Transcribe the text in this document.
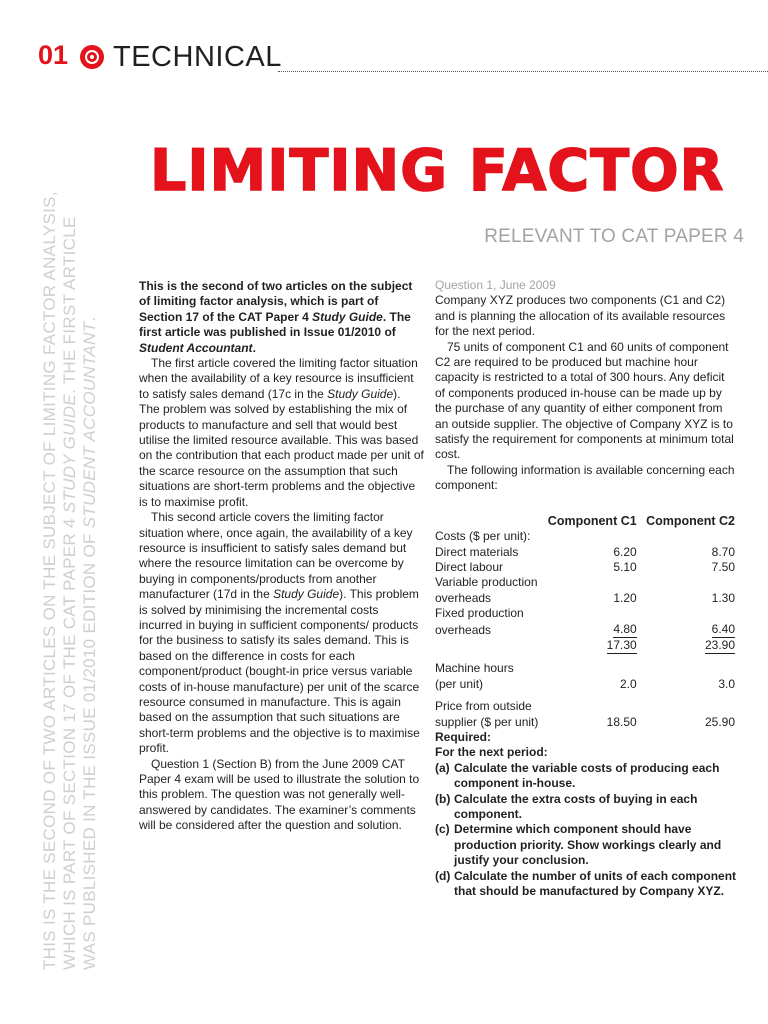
01 TECHNICAL
THIS IS THE SECOND OF TWO ARTICLES ON THE SUBJECT OF LIMITING FACTOR ANALYSIS, WHICH IS PART OF SECTION 17 OF THE CAT PAPER 4 STUDY GUIDE. THE FIRST ARTICLE
WAS PUBLISHED IN THE ISSUE 01/2010 EDITION OF STUDENT ACCOUNTANT.
LIMITING FACTOR
RELEVANT TO CAT PAPER 4

This is the second of two articles on the subject of limiting factor analysis, which is part of Section 17 of the CAT Paper 4 Study Guide. The first article was published in Issue 01/2010 of Student Accountant.

The first article covered the limiting factor situation when the availability of a key resource is insufficient to satisfy sales demand (17c in the Study Guide). The problem was solved by establishing the mix of products to manufacture and sell that would best utilise the limited resource available. This was based on the contribution that each product made per unit of the scarce resource on the assumption that such situations are short-term problems and the objective is to maximise profit.

This second article covers the limiting factor situation where, once again, the availability of a key resource is insufficient to satisfy sales demand but where the resource limitation can be overcome by buying in components/products from another manufacturer (17d in the Study Guide). This problem is solved by minimising the incremental costs incurred in buying in sufficient components/ products for the business to satisfy its sales demand. This is based on the difference in costs for each component/product (bought-in price versus variable costs of in-house manufacture) per unit of the scarce resource consumed in manufacture. This is again based on the assumption that such situations are short-term problems and the objective is to maximise profit.

Question 1 (Section B) from the June 2009 CAT Paper 4 exam will be used to illustrate the solution to this problem. The question was not generally well-answered by candidates. The examiner’s comments will be considered after the question and solution.

Question 1, June 2009

Company XYZ produces two components (C1 and C2) and is planning the allocation of its available resources for the next period.

75 units of component C1 and 60 units of component C2 are required to be produced but machine hour capacity is restricted to a total of 300 hours. Any deficit of components produced in-house can be made up by the purchase of any quantity of either component from an outside supplier. The objective of Company XYZ is to satisfy the requirement for components at minimum total cost.

The following information is available concerning each component:

	Component C1	Component C2
Costs ($ per unit):		
Direct materials	6.20	8.70
Direct labour	5.10	7.50
Variable production		
overheads	1.20	1.30
Fixed production		
overheads	4.80	6.40
	17.30	23.90

Machine hours		
(per unit)	2.0	3.0

Price from outside		
supplier ($ per unit)	18.50	25.90

Required:

For the next period:

(a) Calculate the variable costs of producing each component in-house.
(b) Calculate the extra costs of buying in each component.
(c) Determine which component should have production priority. Show workings clearly and justify your conclusion.
(d) Calculate the number of units of each component that should be manufactured by Company XYZ.
